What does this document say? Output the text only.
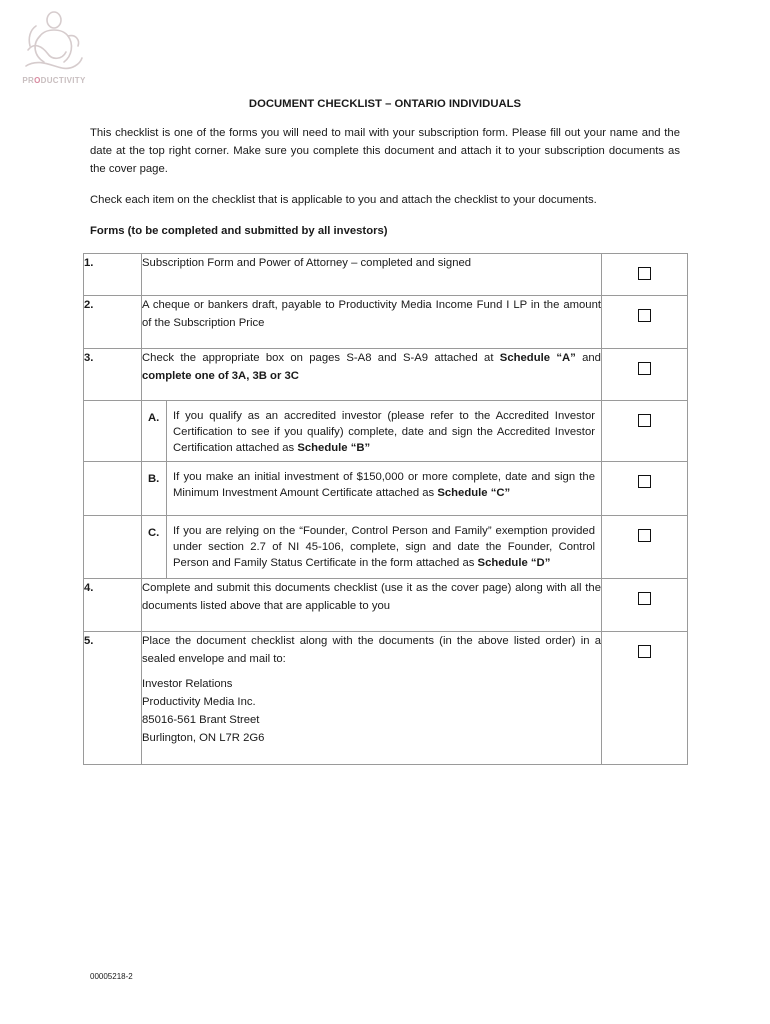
PRODUCTIVITY
DOCUMENT CHECKLIST – ONTARIO INDIVIDUALS

This checklist is one of the forms you will need to mail with your subscription form. Please fill out your name and the date at the top right corner. Make sure you complete this document and attach it to your subscription documents as the cover page.

Check each item on the checklist that is applicable to you and attach the checklist to your documents.

Forms (to be completed and submitted by all investors)
1.	Subscription Form and Power of Attorney – completed and signed	
2.	A cheque or bankers draft, payable to Productivity Media Income Fund I LP in the amount of the Subscription Price	
3.	Check the appropriate box on pages S-A8 and S-A9 attached at Schedule “A” and complete one of 3A, 3B or 3C	

	A. If you qualify as an accredited investor (please refer to the Accredited Investor Certification to see if you qualify) complete, date and sign the Accredited Investor Certification attached as Schedule “B”	

	B. If you make an initial investment of $150,000 or more complete, date and sign the Minimum Investment Amount Certificate attached as Schedule “C”	

	C. If you are relying on the “Founder, Control Person and Family” exemption provided under section 2.7 of NI 45-106, complete, sign and date the Founder, Control Person and Family Status Certificate in the form attached as Schedule “D”	

4.	Complete and submit this documents checklist (use it as the cover page) along with all the documents listed above that are applicable to you	
5.	Place the document checklist along with the documents (in the above listed order) in a sealed envelope and mail to:
Investor Relations
Productivity Media Inc.
85016-561 Brant Street
Burlington, ON L7R 2G6	

00005218-2
